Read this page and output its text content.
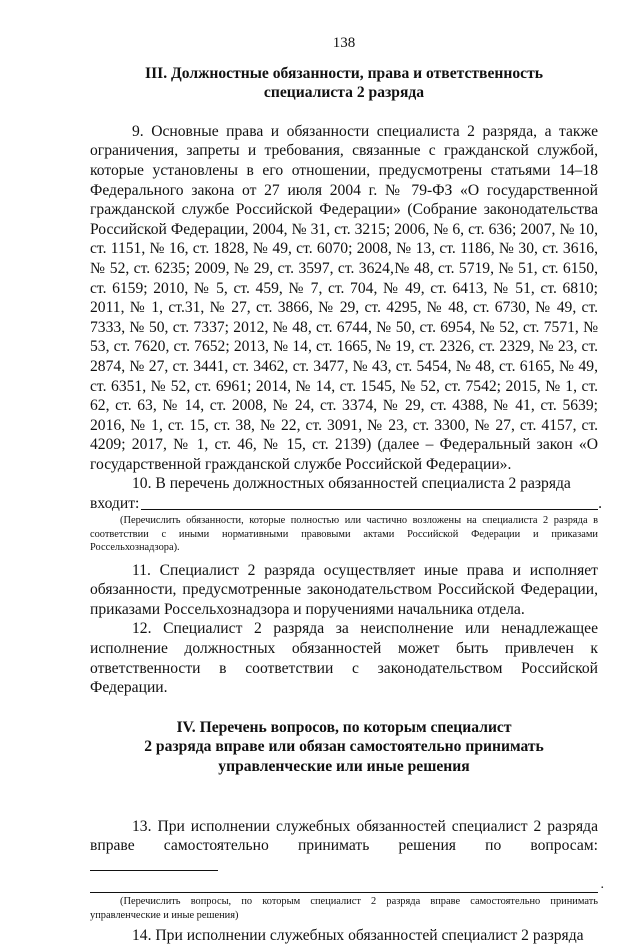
138
III. Должностные обязанности, права и ответственность
специалиста 2 разряда

9. Основные права и обязанности специалиста 2 разряда, а также ограничения, запреты и требования, связанные с гражданской службой, которые установлены в его отношении, предусмотрены статьями 14–18 Федерального закона от 27 июля 2004 г. № 79-ФЗ «О государственной гражданской службе Российской Федерации» (Собрание законодательства Российской Федерации, 2004, № 31, ст. 3215; 2006, № 6, ст. 636; 2007, № 10, ст. 1151, № 16, ст. 1828, № 49, ст. 6070; 2008, № 13, ст. 1186, № 30, ст. 3616, № 52, ст. 6235; 2009, № 29, ст. 3597, ст. 3624,№ 48, ст. 5719, № 51, ст. 6150, ст. 6159; 2010, № 5, ст. 459, № 7, ст. 704, № 49, ст. 6413, № 51, ст. 6810; 2011, № 1, ст.31, № 27, ст. 3866, № 29, ст. 4295, № 48, ст. 6730, № 49, ст. 7333, № 50, ст. 7337; 2012, № 48, ст. 6744, № 50, ст. 6954, № 52, ст. 7571, № 53, ст. 7620, ст. 7652; 2013, № 14, ст. 1665, № 19, ст. 2326, ст. 2329, № 23, ст. 2874, № 27, ст. 3441, ст. 3462, ст. 3477, № 43, ст. 5454, № 48, ст. 6165, № 49, ст. 6351, № 52, ст. 6961; 2014, № 14, ст. 1545, № 52, ст. 7542; 2015, № 1, ст. 62, ст. 63, № 14, ст. 2008, № 24, ст. 3374, № 29, ст. 4388, № 41, ст. 5639; 2016, № 1, ст. 15, ст. 38, № 22, ст. 3091, № 23, ст. 3300, № 27, ст. 4157, ст. 4209; 2017, № 1, ст. 46, № 15, ст. 2139) (далее – Федеральный закон «О государственной гражданской службе Российской Федерации».

10. В перечень должностных обязанностей специалиста 2 разряда

входит:	.

(Перечислить обязанности, которые полностью или частично возложены на специалиста 2 разряда в соответствии с иными нормативными правовыми актами Российской Федерации и приказами Россельхознадзора).

11. Специалист 2 разряда осуществляет иные права и исполняет обязанности, предусмотренные законодательством Российской Федерации, приказами Россельхознадзора и поручениями начальника отдела.

12. Специалист 2 разряда за неисполнение или ненадлежащее исполнение должностных обязанностей может быть привлечен к ответственности в соответствии с законодательством Российской Федерации.

IV. Перечень вопросов, по которым специалист
2 разряда вправе или обязан самостоятельно принимать
управленческие или иные решения

13. При исполнении служебных обязанностей специалист 2 разряда вправе самостоятельно принимать решения по вопросам:

.

(Перечислить вопросы, по которым специалист 2 разряда вправе самостоятельно принимать управленческие и иные решения)

14. При исполнении служебных обязанностей специалист 2 разряда
